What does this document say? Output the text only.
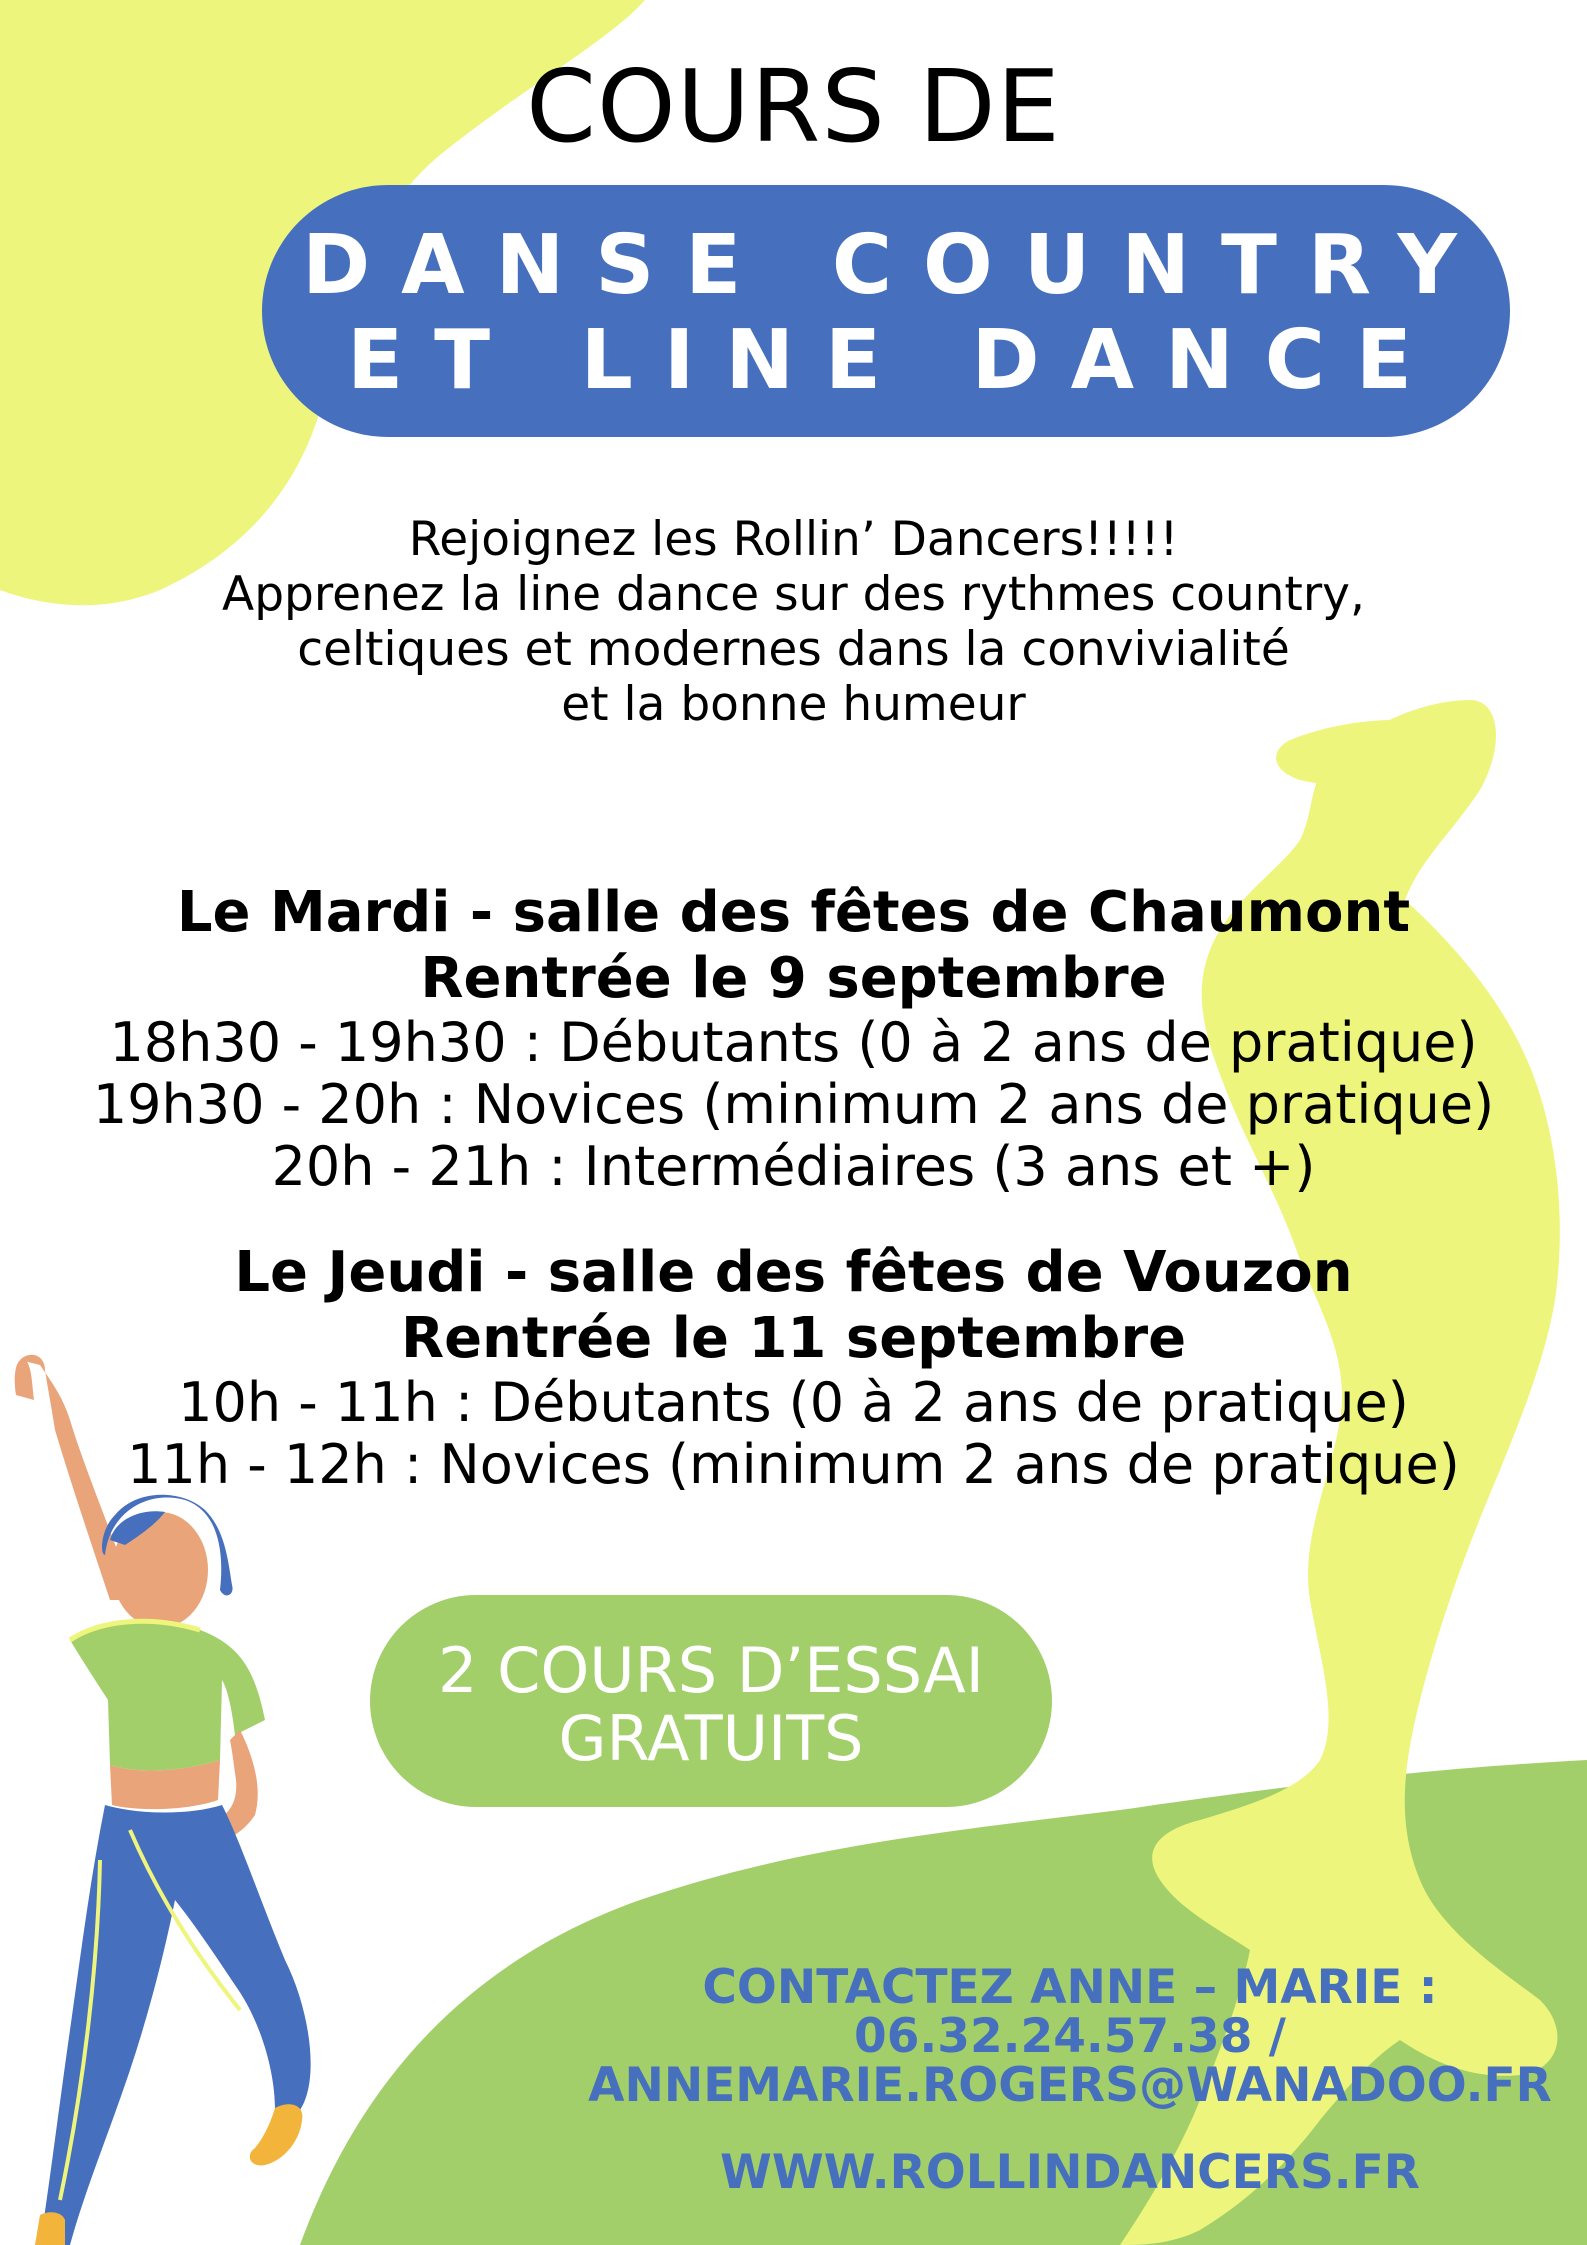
COURS DE
DANSE COUNTRY
ET LINE DANCE
Rejoignez les Rollin’ Dancers!!!!!
Apprenez la line dance sur des rythmes country,
celtiques et modernes dans la convivialité
et la bonne humeur
Le Mardi - salle des fêtes de Chaumont
Rentrée le 9 septembre
18h30 - 19h30 : Débutants (0 à 2 ans de pratique)
19h30 - 20h : Novices (minimum 2 ans de pratique)
20h - 21h : Intermédiaires (3 ans et +)
Le Jeudi - salle des fêtes de Vouzon
Rentrée le 11 septembre
10h - 11h : Débutants (0 à 2 ans de pratique)
11h - 12h : Novices (minimum 2 ans de pratique)
2 COURS D’ESSAI
GRATUITS
CONTACTEZ ANNE – MARIE :
06.32.24.57.38 /
ANNEMARIE.ROGERS@WANADOO.FR
WWW.ROLLINDANCERS.FR
